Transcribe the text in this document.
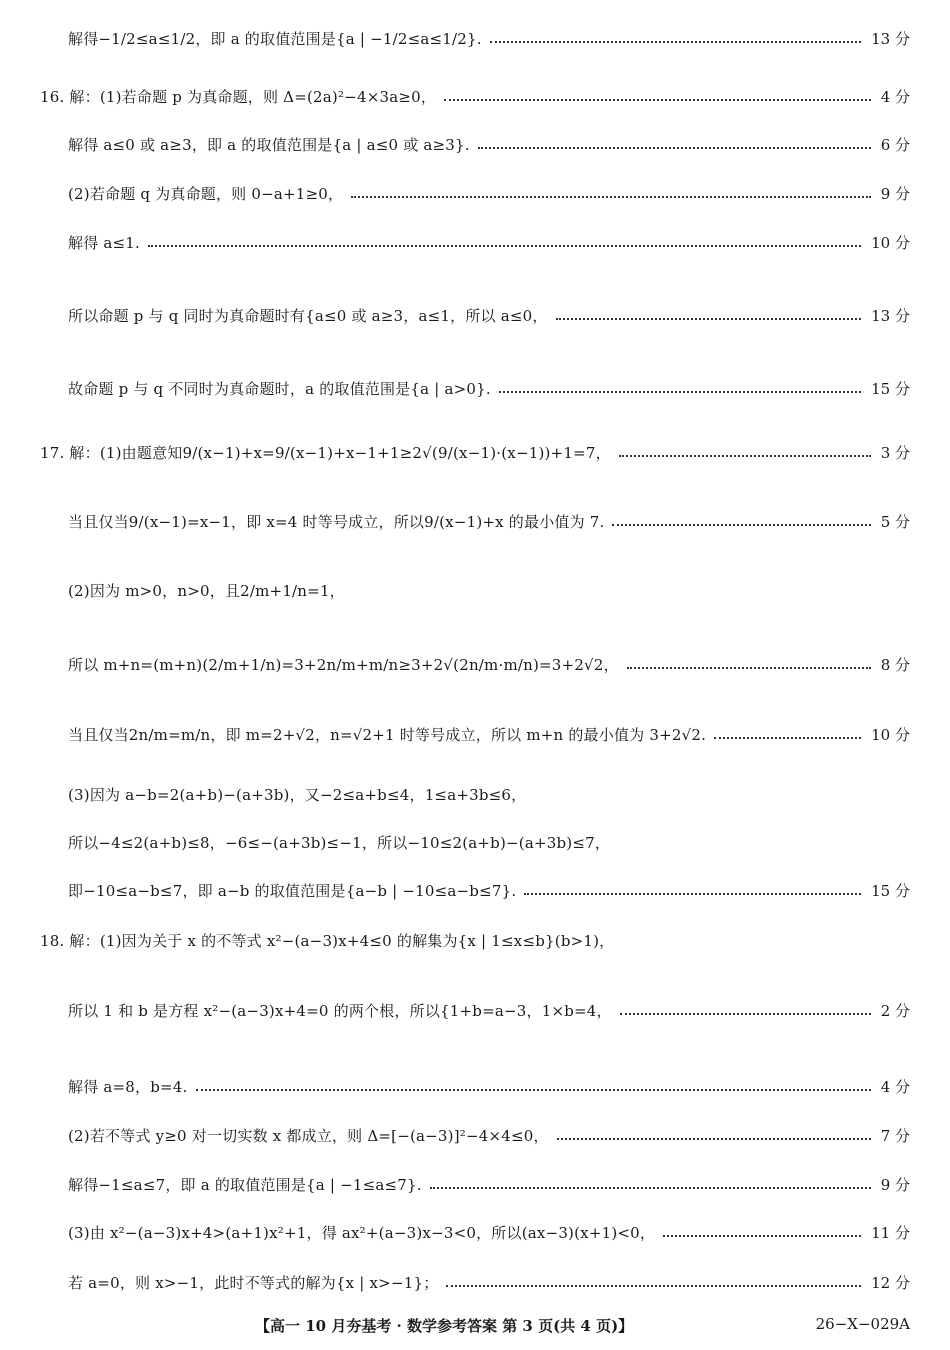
解得−1/2≤a≤1/2，即 a 的取值范围是{a | −1/2≤a≤1/2}.	13 分
16. 解：(1)若命题 p 为真命题，则 Δ=(2a)²−4×3a≥0，	4 分
解得 a≤0 或 a≥3，即 a 的取值范围是{a | a≤0 或 a≥3}.	6 分
(2)若命题 q 为真命题，则 0−a+1≥0，	9 分
解得 a≤1.	10 分
所以命题 p 与 q 同时为真命题时有{a≤0 或 a≥3，a≤1，所以 a≤0，	13 分
故命题 p 与 q 不同时为真命题时，a 的取值范围是{a | a>0}.	15 分
17. 解：(1)由题意知9/(x−1)+x=9/(x−1)+x−1+1≥2√(9/(x−1)·(x−1))+1=7，	3 分
当且仅当9/(x−1)=x−1，即 x=4 时等号成立，所以9/(x−1)+x 的最小值为 7.	5 分
(2)因为 m>0，n>0，且2/m+1/n=1，
所以 m+n=(m+n)(2/m+1/n)=3+2n/m+m/n≥3+2√(2n/m·m/n)=3+2√2，	8 分
当且仅当2n/m=m/n，即 m=2+√2，n=√2+1 时等号成立，所以 m+n 的最小值为 3+2√2.	10 分
(3)因为 a−b=2(a+b)−(a+3b)，又−2≤a+b≤4，1≤a+3b≤6，
所以−4≤2(a+b)≤8，−6≤−(a+3b)≤−1，所以−10≤2(a+b)−(a+3b)≤7，
即−10≤a−b≤7，即 a−b 的取值范围是{a−b | −10≤a−b≤7}.	15 分
18. 解：(1)因为关于 x 的不等式 x²−(a−3)x+4≤0 的解集为{x | 1≤x≤b}(b>1)，
所以 1 和 b 是方程 x²−(a−3)x+4=0 的两个根，所以{1+b=a−3，1×b=4，	2 分
解得 a=8，b=4.	4 分
(2)若不等式 y≥0 对一切实数 x 都成立，则 Δ=[−(a−3)]²−4×4≤0，	7 分
解得−1≤a≤7，即 a 的取值范围是{a | −1≤a≤7}.	9 分
(3)由 x²−(a−3)x+4>(a+1)x²+1，得 ax²+(a−3)x−3<0，所以(ax−3)(x+1)<0，	11 分
若 a=0，则 x>−1，此时不等式的解为{x | x>−1}；	12 分
【高一 10 月夯基考 · 数学参考答案 第 3 页(共 4 页)】	26−X−029A
